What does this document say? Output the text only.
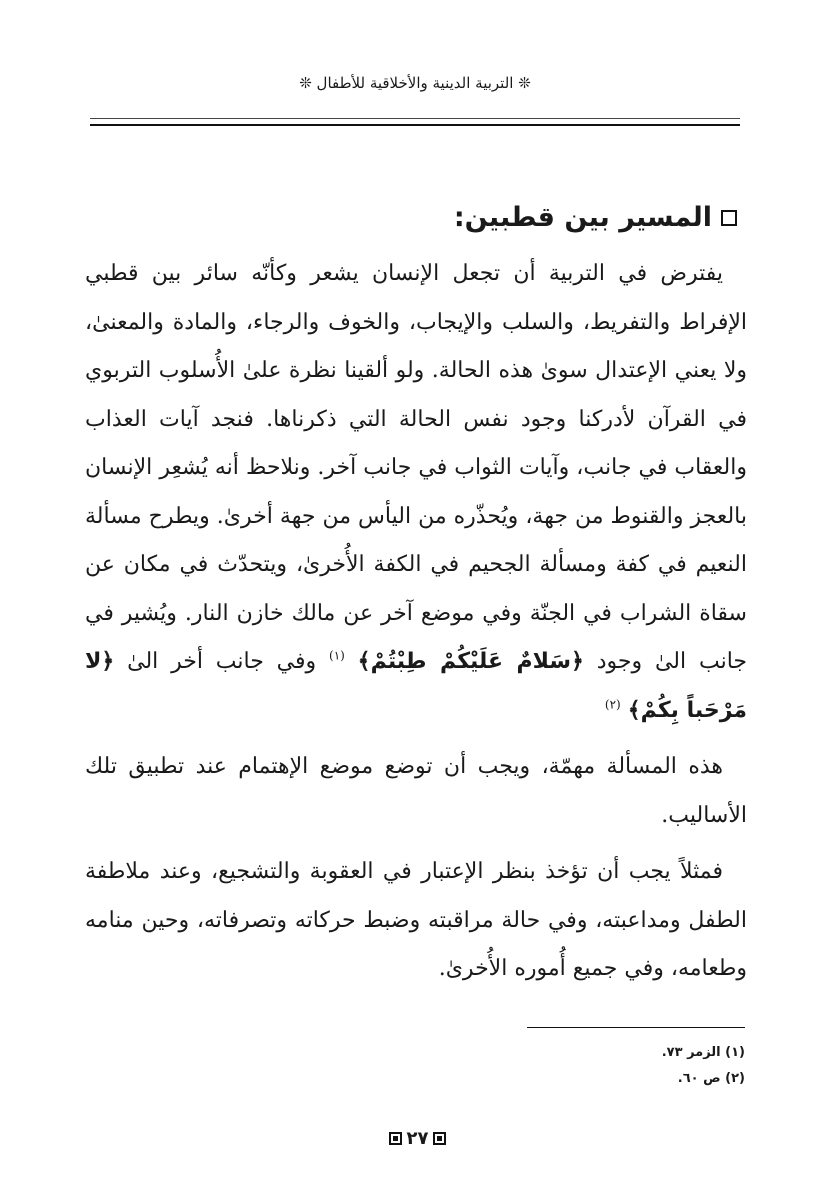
❊ التربية الدينية والأخلاقية للأطفال ❊
المسير بين قطبين:

يفترض في التربية أن تجعل الإنسان يشعر وكأنّه سائر بين قطبي الإفراط والتفريط، والسلب والإيجاب، والخوف والرجاء، والمادة والمعنىٰ، ولا يعني الإعتدال سوىٰ هذه الحالة. ولو ألقينا نظرة علىٰ الأُسلوب التربوي في القرآن لأدركنا وجود نفس الحالة التي ذكرناها. فنجد آيات العذاب والعقاب في جانب، وآيات الثواب في جانب آخر. ونلاحظ أنه يُشعِر الإنسان بالعجز والقنوط من جهة، ويُحذّره من اليأس من جهة أخرىٰ. ويطرح مسألة النعيم في كفة ومسألة الجحيم في الكفة الأُخرىٰ، ويتحدّث في مكان عن سقاة الشراب في الجنّة وفي موضع آخر عن مالك خازن النار. ويُشير في جانب الىٰ وجود ﴿سَلامٌ عَلَيْكُمْ طِبْتُمْ﴾ $^{(١)}$ وفي جانب أخر الىٰ ﴿لا مَرْحَباً بِكُمْ﴾ $^{(٢)}$

هذه المسألة مهمّة، ويجب أن توضع موضع الإهتمام عند تطبيق تلك الأساليب.

فمثلاً يجب أن تؤخذ بنظر الإعتبار في العقوبة والتشجيع، وعند ملاطفة الطفل ومداعبته، وفي حالة مراقبته وضبط حركاته وتصرفاته، وحين منامه وطعامه، وفي جميع أُموره الأُخرىٰ.

(١) الزمر ٧٣.
(٢) ص ٦٠.
٢٧
